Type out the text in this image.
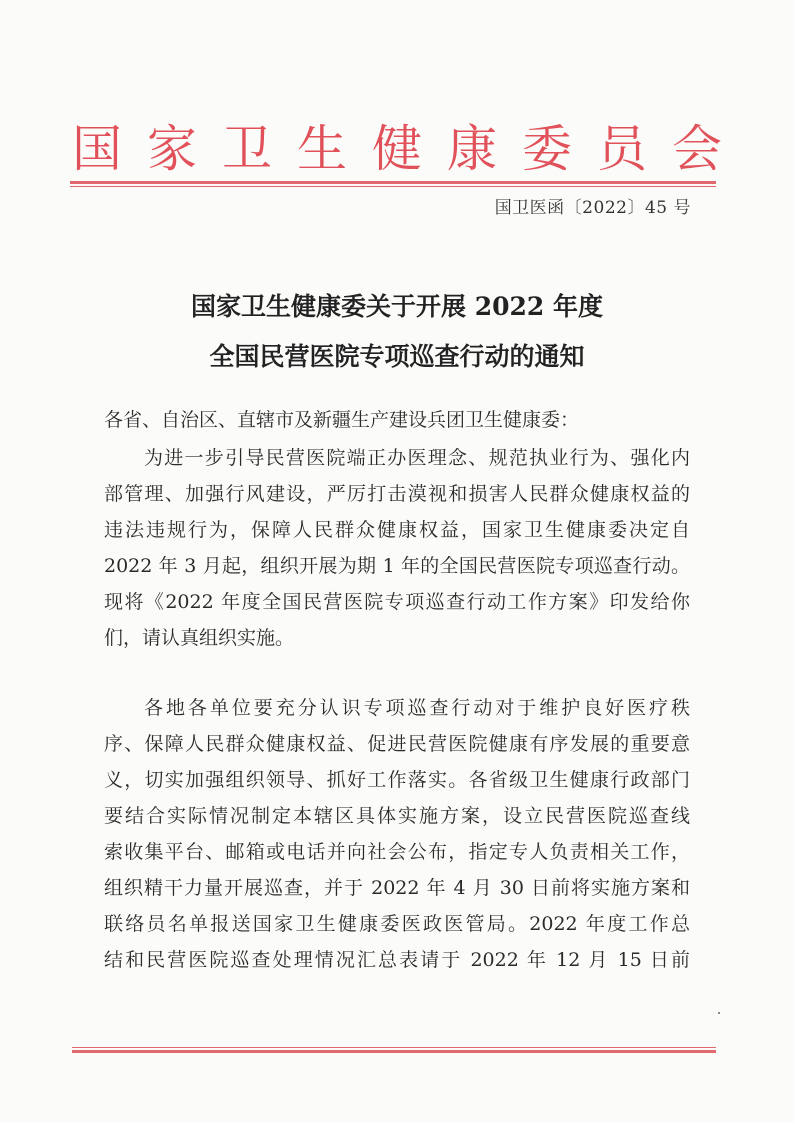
国 家 卫 生 健 康 委 员 会
国卫医函〔2022〕45 号
国家卫生健康委关于开展 2022 年度
全国民营医院专项巡查行动的通知
各省、自治区、直辖市及新疆生产建设兵团卫生健康委：
为进一步引导民营医院端正办医理念、规范执业行为、强化内
部管理、加强行风建设，严厉打击漠视和损害人民群众健康权益的
违法违规行为，保障人民群众健康权益，国家卫生健康委决定自
2022 年 3 月起，组织开展为期 1 年的全国民营医院专项巡查行动。
现将《2022 年度全国民营医院专项巡查行动工作方案》印发给你
们，请认真组织实施。
各地各单位要充分认识专项巡查行动对于维护良好医疗秩
序、保障人民群众健康权益、促进民营医院健康有序发展的重要意
义，切实加强组织领导、抓好工作落实。各省级卫生健康行政部门
要结合实际情况制定本辖区具体实施方案，设立民营医院巡查线
索收集平台、邮箱或电话并向社会公布，指定专人负责相关工作，
组织精干力量开展巡查，并于 2022 年 4 月 30 日前将实施方案和
联络员名单报送国家卫生健康委医政医管局。2022 年度工作总
结和民营医院巡查处理情况汇总表请于 2022 年 12 月 15 日前
